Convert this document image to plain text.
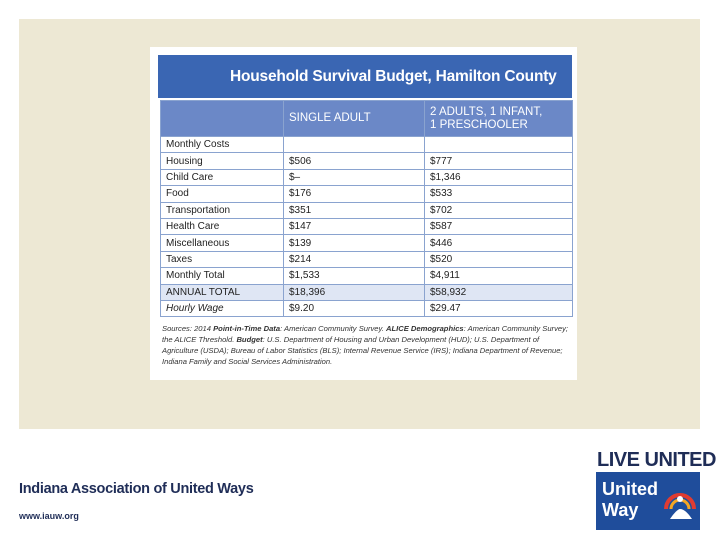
Household Survival Budget, Hamilton County
	SINGLE ADULT	2 ADULTS, 1 INFANT,
1 PRESCHOOLER
Monthly Costs		
Housing	$506	$777
Child Care	$–	$1,346
Food	$176	$533
Transportation	$351	$702
Health Care	$147	$587
Miscellaneous	$139	$446
Taxes	$214	$520
Monthly Total	$1,533	$4,911
ANNUAL TOTAL	$18,396	$58,932
Hourly Wage	$9.20	$29.47
Sources: 2014 Point-in-Time Data: American Community Survey. ALICE Demographics: American Community Survey; the ALICE Threshold. Budget: U.S. Department of Housing and Urban Development (HUD); U.S. Department of Agriculture (USDA); Bureau of Labor Statistics (BLS); Internal Revenue Service (IRS); Indiana Department of Revenue; Indiana Family and Social Services Administration.
Indiana Association of United Ways
www.iauw.org
LIVE UNITED
United
Way
